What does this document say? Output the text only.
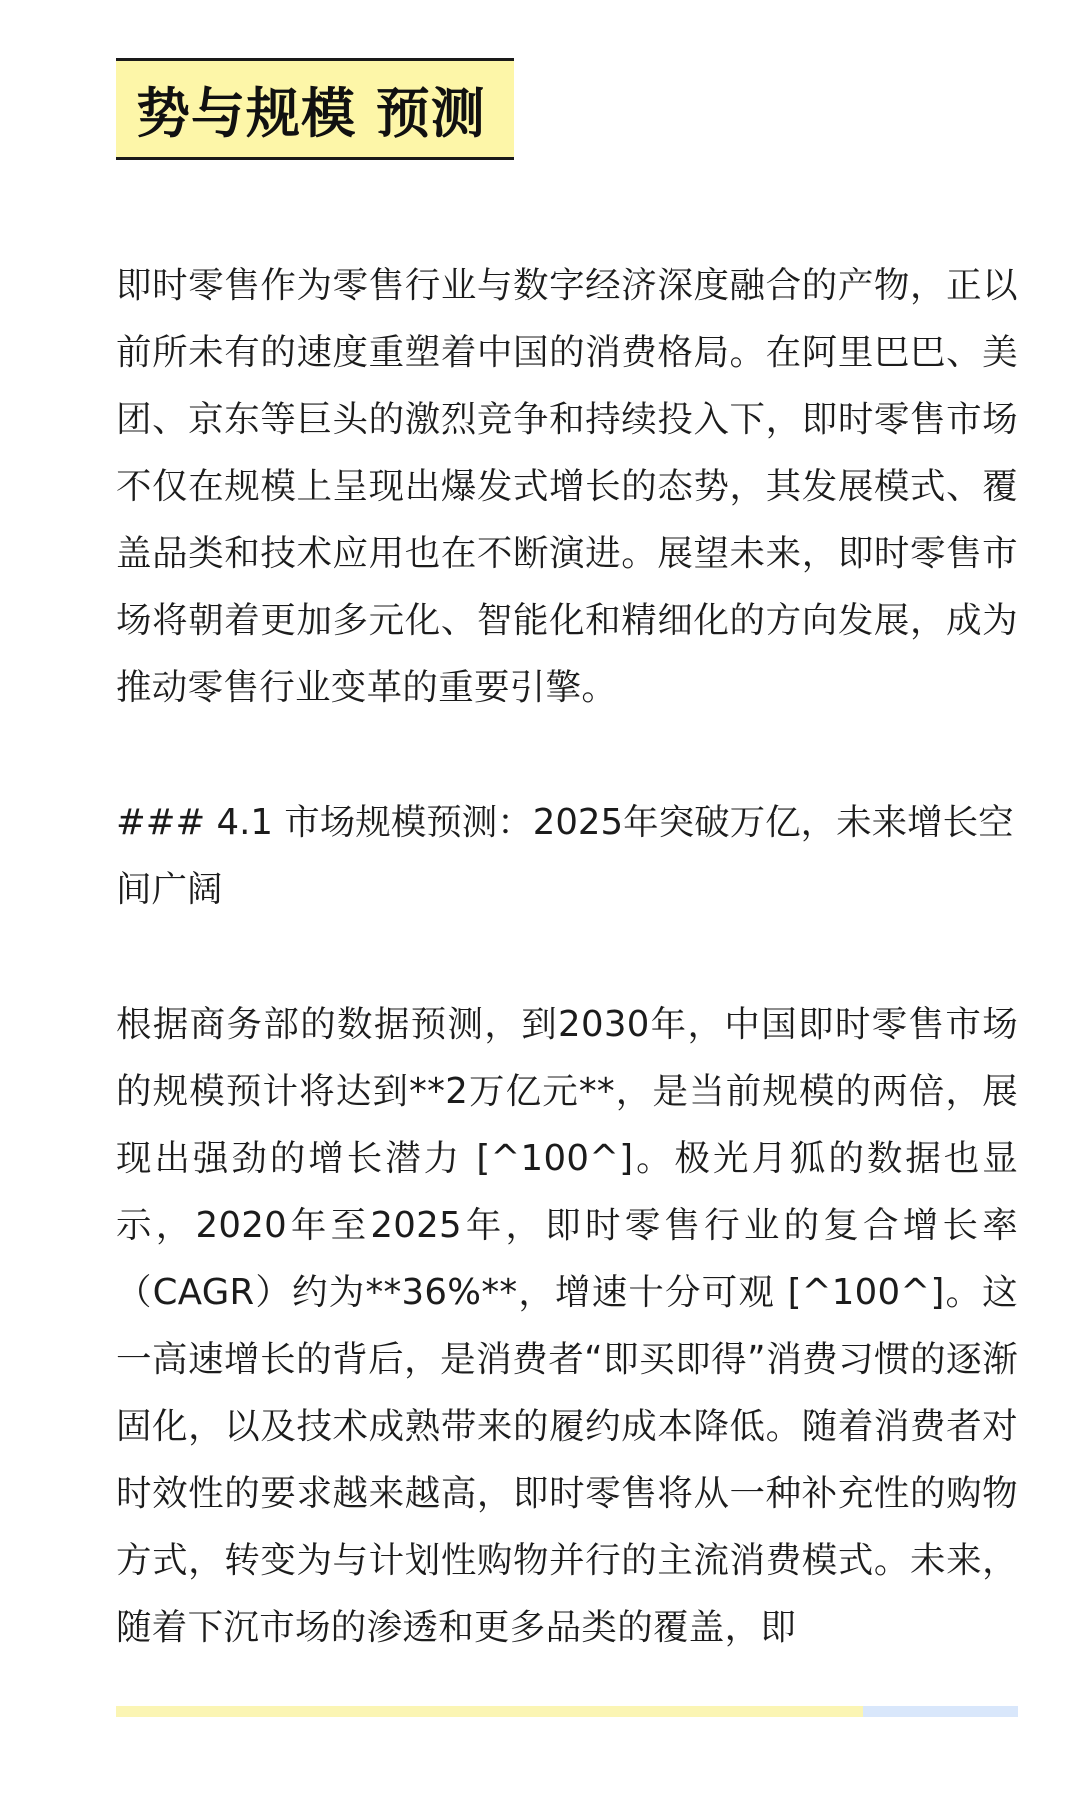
势与规模 预测

即时零售作为零售行业与数字经济深度融合的产物，正以前所未有的速度重塑着中国的消费格局。在阿里巴巴、美团、京东等巨头的激烈竞争和持续投入下，即时零售市场不仅在规模上呈现出爆发式增长的态势，其发展模式、覆盖品类和技术应用也在不断演进。展望未来，即时零售市场将朝着更加多元化、智能化和精细化的方向发展，成为推动零售行业变革的重要引擎。

### 4.1 市场规模预测：2025年突破万亿，未来增长空间广阔

根据商务部的数据预测，到2030年，中国即时零售市场的规模预计将达到**2万亿元**，是当前规模的两倍，展现出强劲的增长潜力 [^100^]。极光月狐的数据也显示，2020年至2025年，即时零售行业的复合增长率（CAGR）约为**36%**，增速十分可观 [^100^]。这一高速增长的背后，是消费者“即买即得”消费习惯的逐渐固化，以及技术成熟带来的履约成本降低。随着消费者对时效性的要求越来越高，即时零售将从一种补充性的购物方式，转变为与计划性购物并行的主流消费模式。未来，随着下沉市场的渗透和更多品类的覆盖，即
